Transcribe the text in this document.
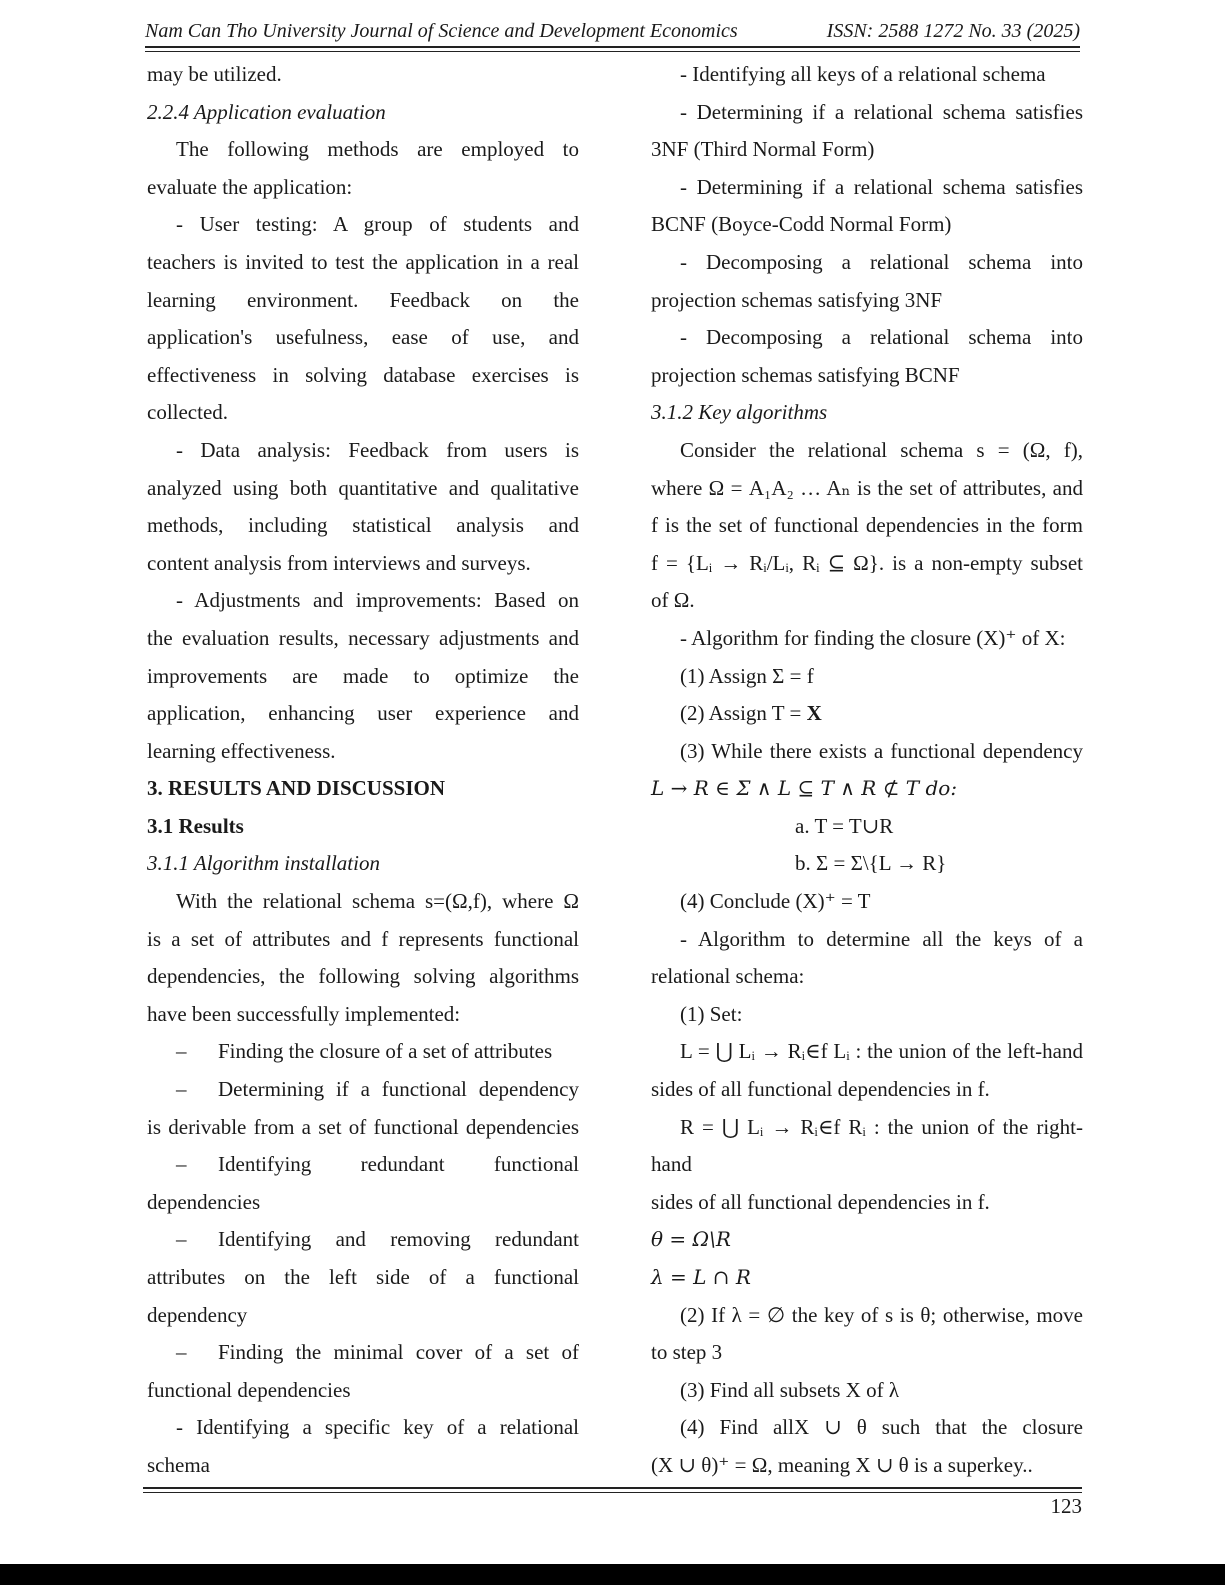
Nam Can Tho University Journal of Science and Development Economics	ISSN: 2588 1272 No. 33 (2025)

may be utilized.

2.2.4 Application evaluation

The following methods are employed to

evaluate the application:

- User testing: A group of students and

teachers is invited to test the application in a real

learning environment. Feedback on the

application's usefulness, ease of use, and

effectiveness in solving database exercises is

collected.

- Data analysis: Feedback from users is

analyzed using both quantitative and qualitative

methods, including statistical analysis and

content analysis from interviews and surveys.

- Adjustments and improvements: Based on

the evaluation results, necessary adjustments and

improvements are made to optimize the

application, enhancing user experience and

learning effectiveness.

3. RESULTS AND DISCUSSION

3.1 Results

3.1.1 Algorithm installation

With the relational schema s=(Ω,f), where Ω

is a set of attributes and f represents functional

dependencies, the following solving algorithms

have been successfully implemented:

–	Finding the closure of a set of attributes
–	Determining if a functional dependency

is derivable from a set of functional dependencies

–	Identifying redundant functional

dependencies

–	Identifying and removing redundant

attributes on the left side of a functional

dependency

–	Finding the minimal cover of a set of

functional dependencies

- Identifying a specific key of a relational

schema

- Identifying all keys of a relational schema

- Determining if a relational schema satisfies

3NF (Third Normal Form)

- Determining if a relational schema satisfies

BCNF (Boyce-Codd Normal Form)

- Decomposing a relational schema into

projection schemas satisfying 3NF

- Decomposing a relational schema into

projection schemas satisfying BCNF

3.1.2 Key algorithms

Consider the relational schema s = (Ω, f),

where Ω = A₁A₂ … Aₙ is the set of attributes, and

f is the set of functional dependencies in the form

f = {Lᵢ → Rᵢ/Lᵢ, Rᵢ ⊆ Ω}. is a non-empty subset

of Ω.

- Algorithm for finding the closure (X)⁺ of X:

(1) Assign Σ = f

(2) Assign T = X

(3) While there exists a functional dependency

L → R ∈ Σ ∧ L ⊆ T ∧ R ⊄ T do:

a. T = T∪R

b. Σ = Σ\{L → R}

(4) Conclude (X)⁺ = T

- Algorithm to determine all the keys of a

relational schema:

(1) Set:

L = ⋃ Lᵢ → Rᵢ∈f Lᵢ : the union of the left-hand

sides of all functional dependencies in f.

R = ⋃ Lᵢ → Rᵢ∈f Rᵢ : the union of the right-hand

sides of all functional dependencies in f.

θ = Ω\R

λ = L ∩ R

(2) If λ = ∅ the key of s is θ; otherwise, move

to step 3

(3) Find all subsets X of λ

(4) Find allX ∪ θ such that the closure

(X ∪ θ)⁺ = Ω, meaning X ∪ θ is a superkey..

123
